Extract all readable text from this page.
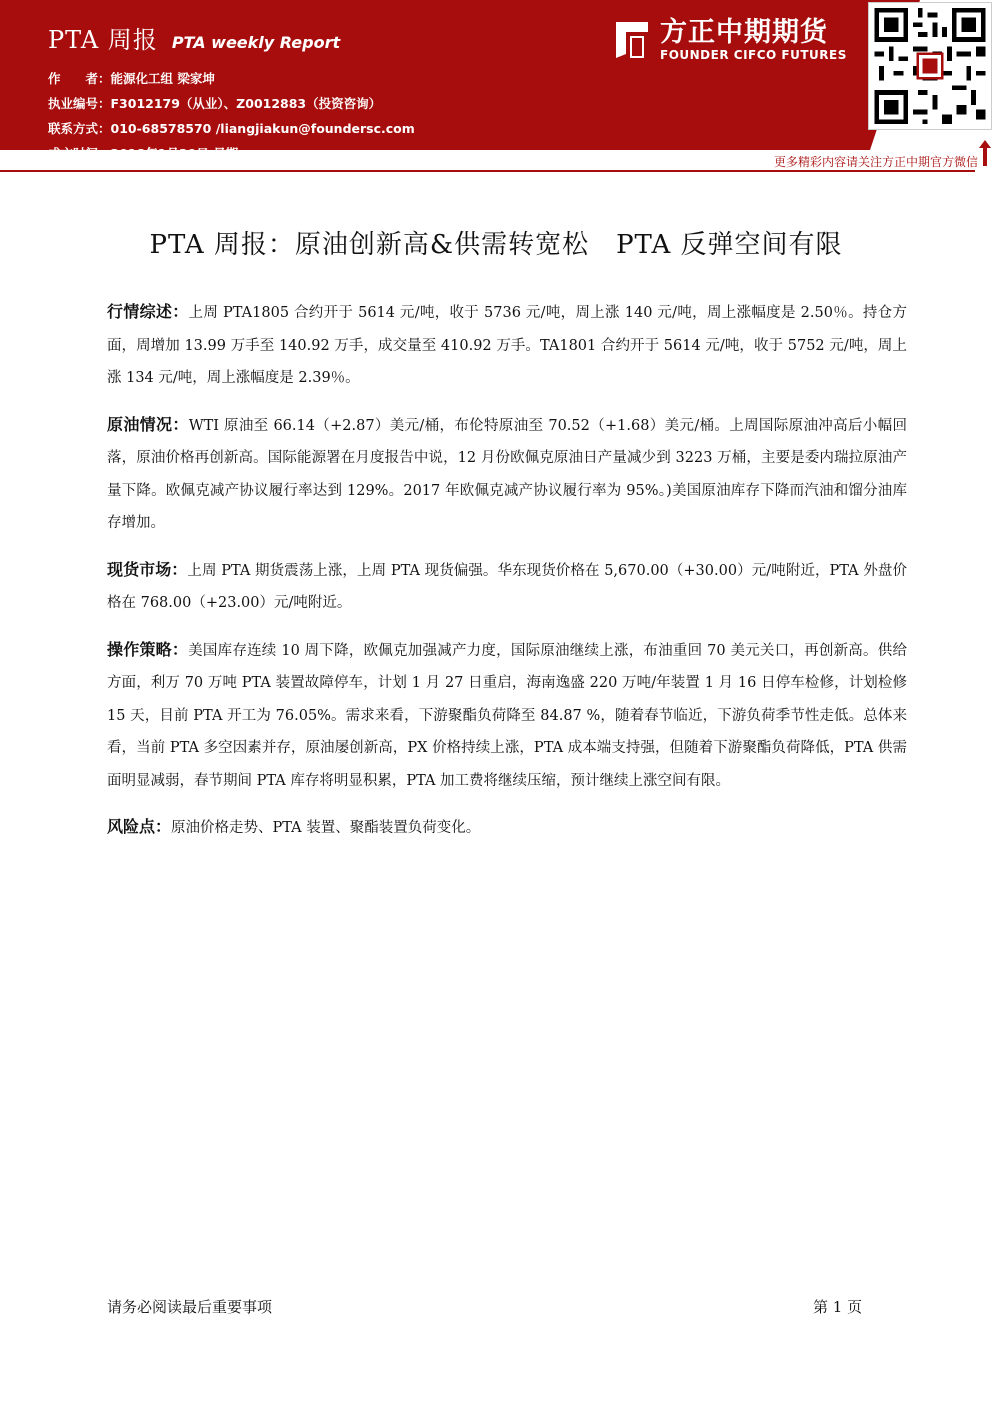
PTA 周报 PTA weekly Report
作　　者： 能源化工组 梁家坤
执业编号： F3012179（从业）、Z0012883（投资咨询）
联系方式： 010-68578570 /liangjiakun@foundersc.com
成文时间： 2018年1月29日 星期一
方正中期期货
FOUNDER CIFCO FUTURES
更多精彩内容请关注方正中期官方微信
PTA 周报：原油创新高&供需转宽松　PTA 反弹空间有限

行情综述：上周 PTA1805 合约开于 5614 元/吨，收于 5736 元/吨，周上涨 140 元/吨，周上涨幅度是 2.50％。持仓方面，周增加 13.99 万手至 140.92 万手，成交量至 410.92 万手。TA1801 合约开于 5614 元/吨，收于 5752 元/吨，周上涨 134 元/吨，周上涨幅度是 2.39％。

原油情况：WTI 原油至 66.14（+2.87）美元/桶，布伦特原油至 70.52（+1.68）美元/桶。上周国际原油冲高后小幅回落，原油价格再创新高。国际能源署在月度报告中说，12 月份欧佩克原油日产量减少到 3223 万桶，主要是委内瑞拉原油产量下降。欧佩克减产协议履行率达到 129%。2017 年欧佩克减产协议履行率为 95%。)美国原油库存下降而汽油和馏分油库存增加。

现货市场：上周 PTA 期货震荡上涨，上周 PTA 现货偏强。华东现货价格在 5,670.00（+30.00）元/吨附近，PTA 外盘价格在 768.00（+23.00）元/吨附近。

操作策略：美国库存连续 10 周下降，欧佩克加强减产力度，国际原油继续上涨，布油重回 70 美元关口，再创新高。供给方面，利万 70 万吨 PTA 装置故障停车，计划 1 月 27 日重启，海南逸盛 220 万吨/年装置 1 月 16 日停车检修，计划检修 15 天，目前 PTA 开工为 76.05%。需求来看，下游聚酯负荷降至 84.87 %，随着春节临近，下游负荷季节性走低。总体来看，当前 PTA 多空因素并存，原油屡创新高，PX 价格持续上涨，PTA 成本端支持强，但随着下游聚酯负荷降低，PTA 供需面明显减弱，春节期间 PTA 库存将明显积累，PTA 加工费将继续压缩，预计继续上涨空间有限。

风险点：原油价格走势、PTA 装置、聚酯装置负荷变化。

请务必阅读最后重要事项	第 1 页
